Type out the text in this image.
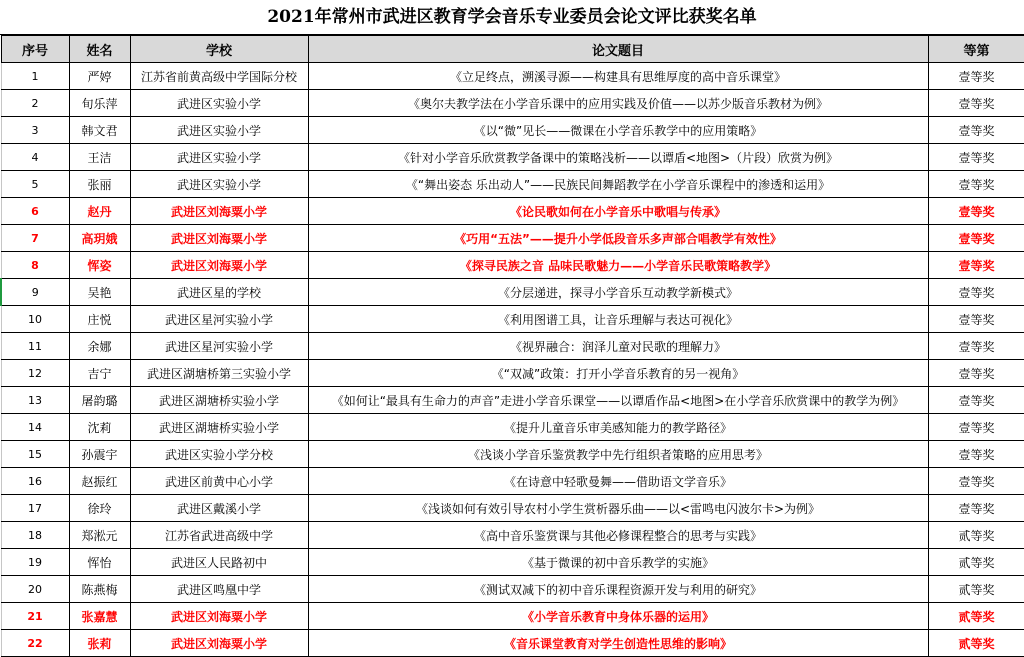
2021年常州市武进区教育学会音乐专业委员会论文评比获奖名单
序号	姓名	学校	论文题目	等第
1	严婷	江苏省前黄高级中学国际分校	《立足终点，溯溪寻源——构建具有思维厚度的高中音乐课堂》	壹等奖
2	旬乐萍	武进区实验小学	《奥尔夫教学法在小学音乐课中的应用实践及价值——以苏少版音乐教材为例》	壹等奖
3	韩文君	武进区实验小学	《以“微”见长——微课在小学音乐教学中的应用策略》	壹等奖
4	王洁	武进区实验小学	《针对小学音乐欣赏教学备课中的策略浅析——以谭盾<地图>（片段）欣赏为例》	壹等奖
5	张丽	武进区实验小学	《“舞出姿态 乐出动人”——民族民间舞蹈教学在小学音乐课程中的渗透和运用》	壹等奖
6	赵丹	武进区刘海粟小学	《论民歌如何在小学音乐中歌唱与传承》	壹等奖
7	高玥娥	武进区刘海粟小学	《巧用“五法”——提升小学低段音乐多声部合唱教学有效性》	壹等奖
8	恽姿	武进区刘海粟小学	《探寻民族之音 品味民歌魅力——小学音乐民歌策略教学》	壹等奖
9	吴艳	武进区星的学校	《分层递进，探寻小学音乐互动教学新模式》	壹等奖
10	庄悦	武进区星河实验小学	《利用图谱工具，让音乐理解与表达可视化》	壹等奖
11	余娜	武进区星河实验小学	《视界融合：润泽儿童对民歌的理解力》	壹等奖
12	吉宁	武进区湖塘桥第三实验小学	《“双减”政策：打开小学音乐教育的另一视角》	壹等奖
13	屠韵璐	武进区湖塘桥实验小学	《如何让“最具有生命力的声音”走进小学音乐课堂——以谭盾作品<地图>在小学音乐欣赏课中的教学为例》	壹等奖
14	沈莉	武进区湖塘桥实验小学	《提升儿童音乐审美感知能力的教学路径》	壹等奖
15	孙震宇	武进区实验小学分校	《浅谈小学音乐鉴赏教学中先行组织者策略的应用思考》	壹等奖
16	赵振红	武进区前黄中心小学	《在诗意中轻歌曼舞——借助语文学音乐》	壹等奖
17	徐玲	武进区戴溪小学	《浅谈如何有效引导农村小学生赏析器乐曲——以<雷鸣电闪波尔卡>为例》	壹等奖
18	郑淞元	江苏省武进高级中学	《高中音乐鉴赏课与其他必修课程整合的思考与实践》	贰等奖
19	恽怡	武进区人民路初中	《基于微课的初中音乐教学的实施》	贰等奖
20	陈燕梅	武进区鸣凰中学	《测试双减下的初中音乐课程资源开发与利用的研究》	贰等奖
21	张嘉慧	武进区刘海粟小学	《小学音乐教育中身体乐器的运用》	贰等奖
22	张莉	武进区刘海粟小学	《音乐课堂教育对学生创造性思维的影响》	贰等奖
